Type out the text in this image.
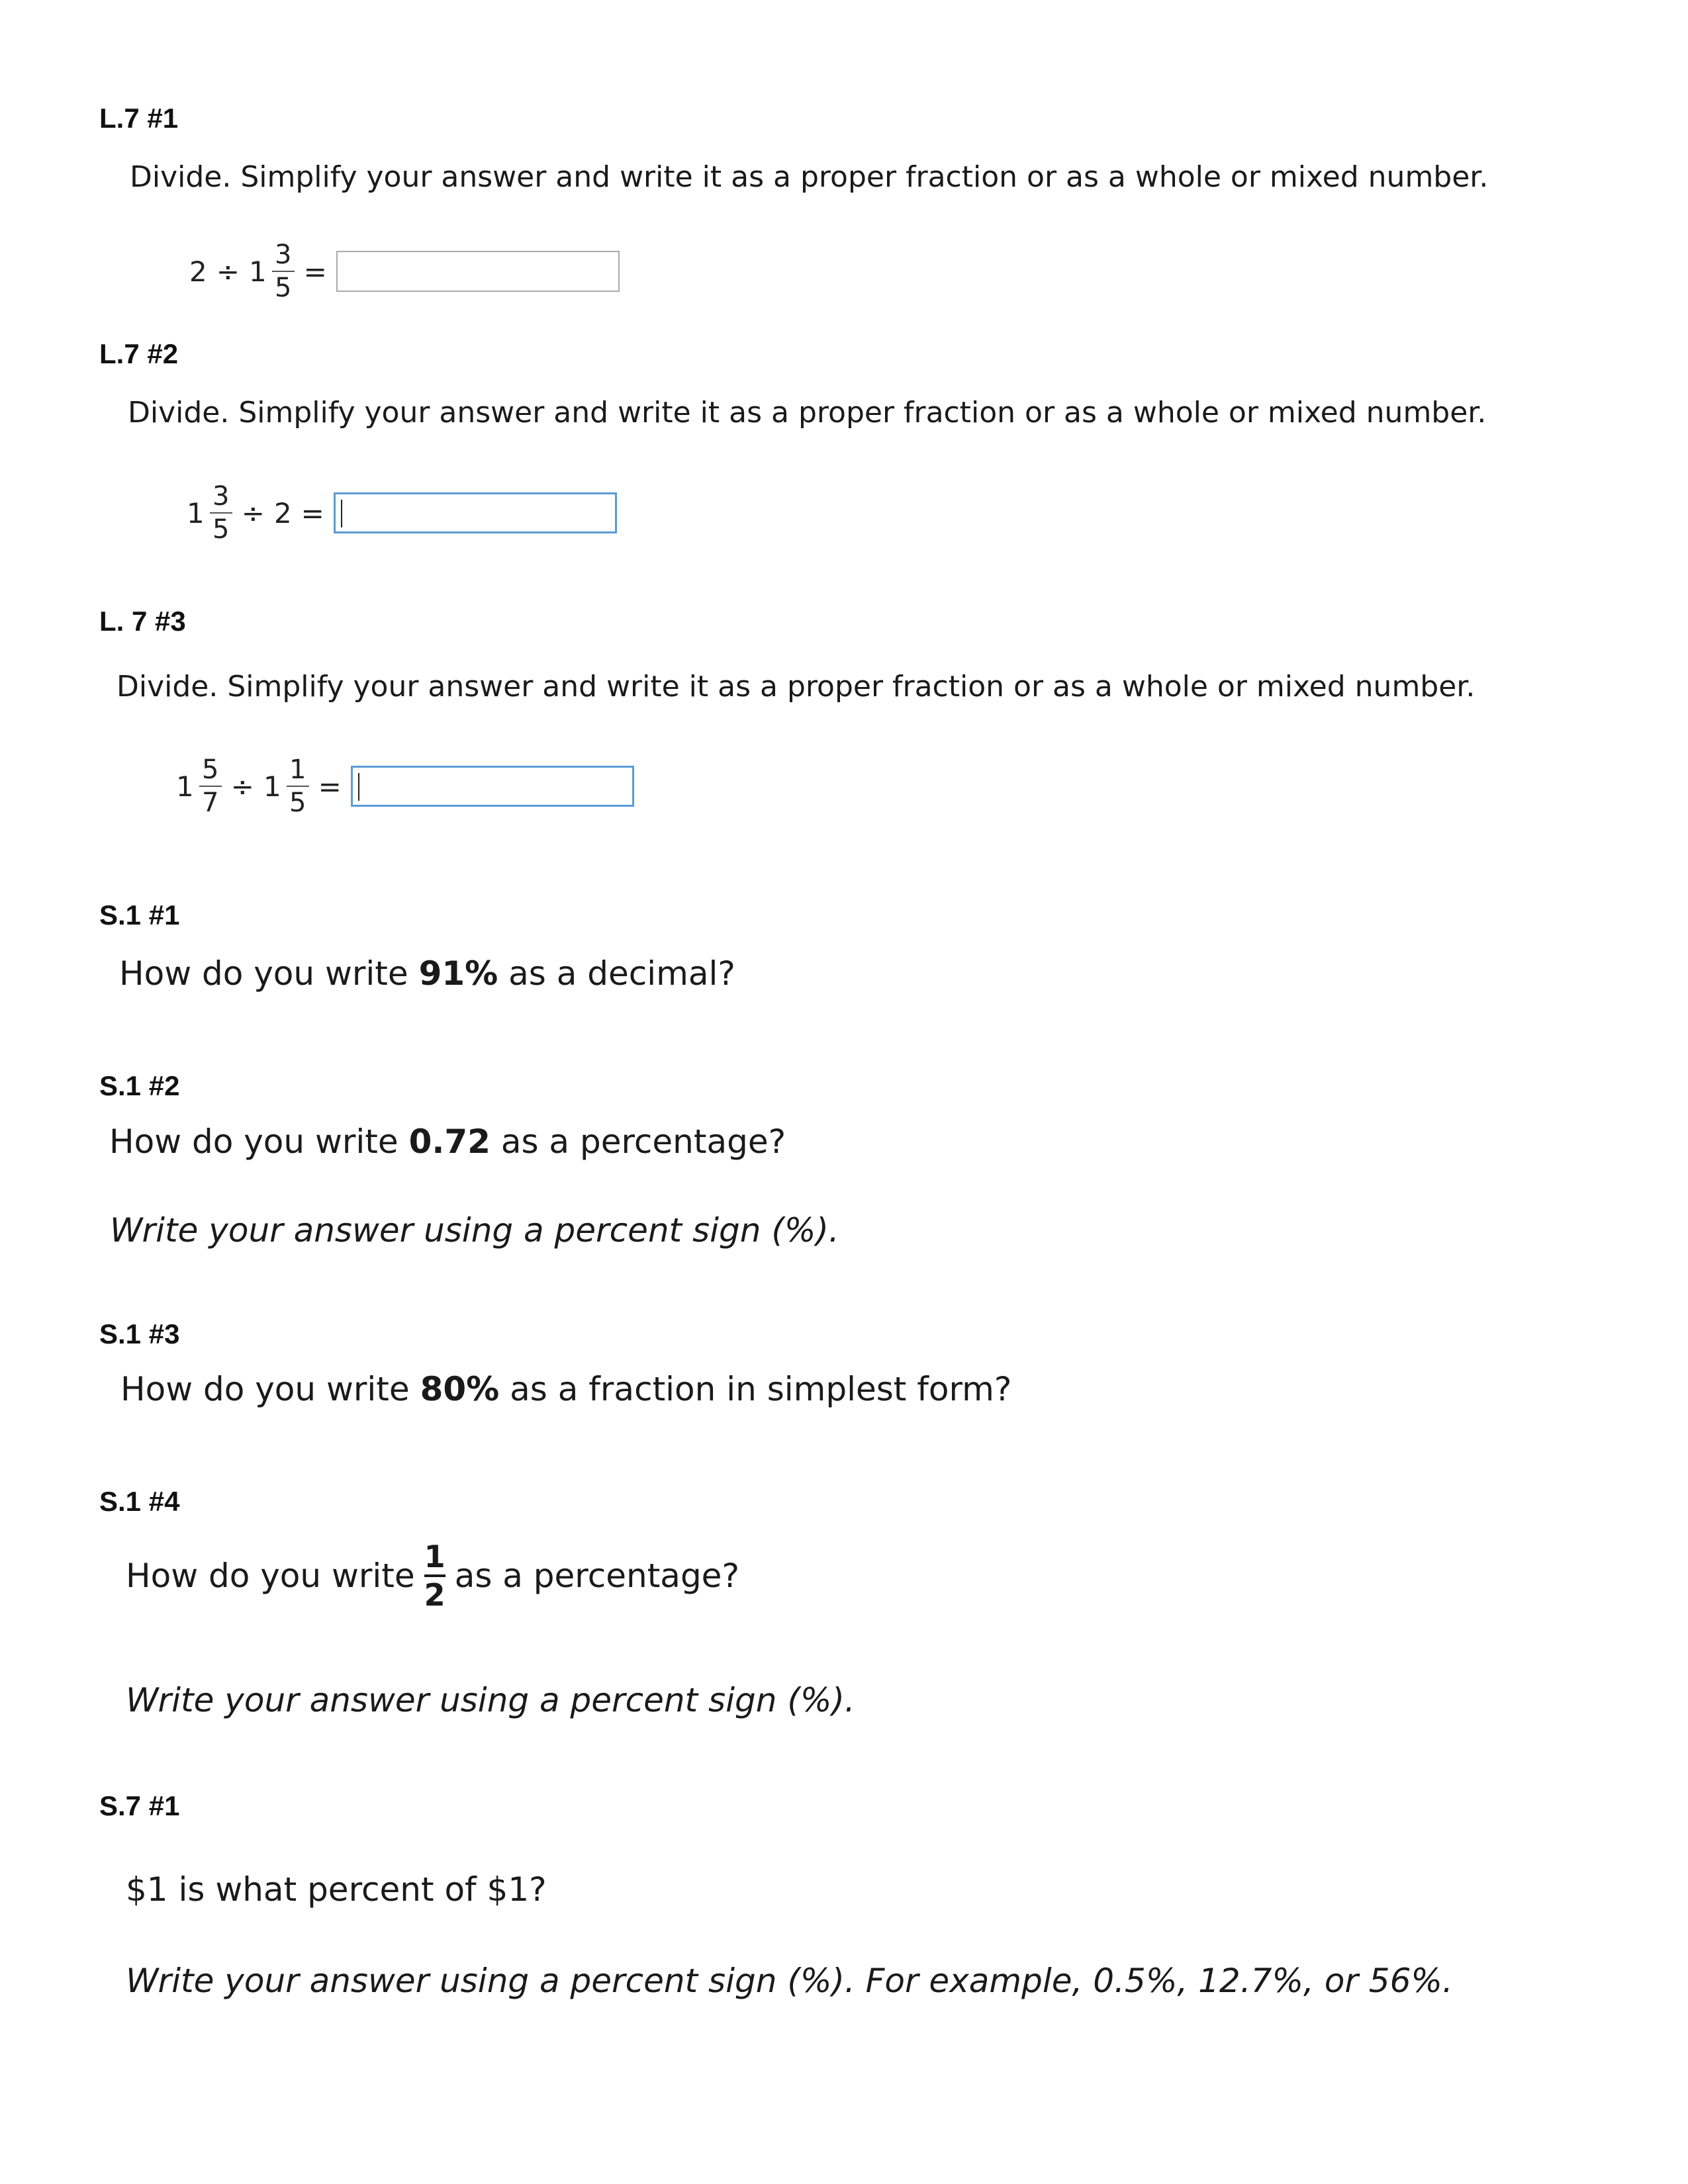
L.7 #1
Divide. Simplify your answer and write it as a proper fraction or as a whole or mixed number.
$2 \div 1 \frac{3}{5}$ =
L.7 #2
Divide. Simplify your answer and write it as a proper fraction or as a whole or mixed number.
$1 \frac{3}{5} \div 2$ =
L. 7 #3
Divide. Simplify your answer and write it as a proper fraction or as a whole or mixed number.
$1 \frac{5}{7} \div 1 \frac{1}{5}$ =
S.1 #1
How do you write 91% as a decimal?
S.1 #2
How do you write 0.72 as a percentage?
Write your answer using a percent sign (%).
S.1 #3
How do you write 80% as a fraction in simplest form?
S.1 #4
How do you write 1
2 as a percentage?
Write your answer using a percent sign (%).
S.7 #1
$1 is what percent of $1?
Write your answer using a percent sign (%). For example, 0.5%, 12.7%, or 56%.
